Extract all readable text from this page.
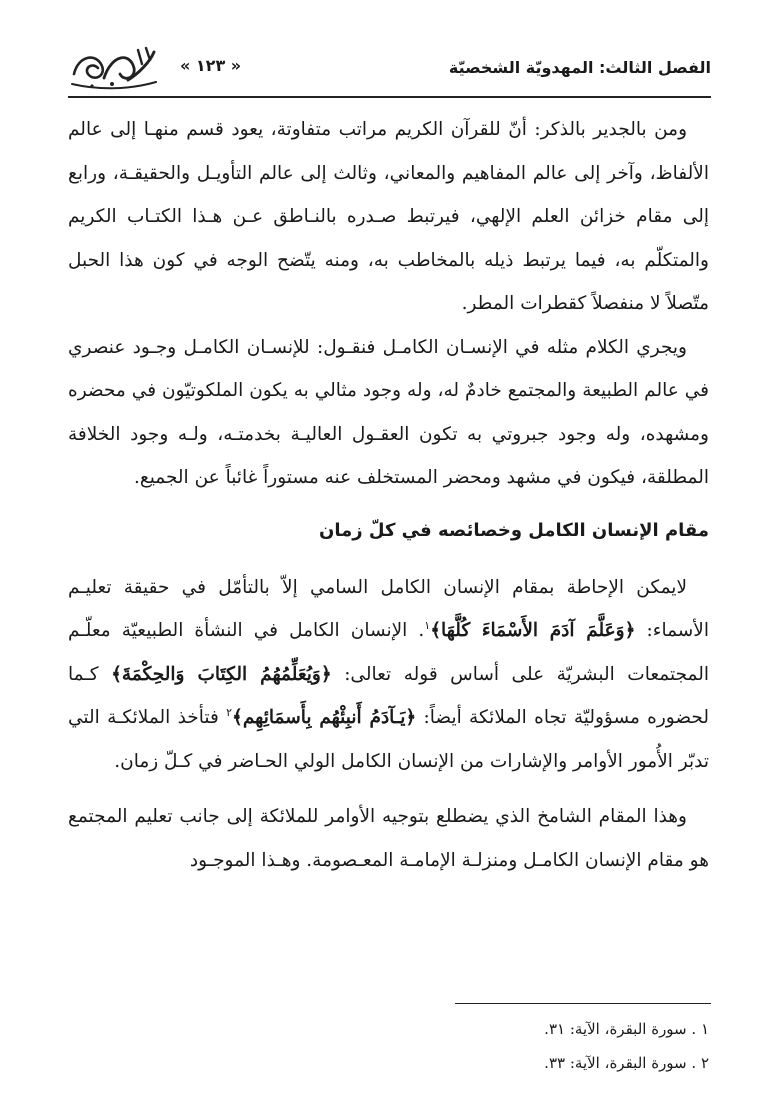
الفصل الثالث: المهدويّة الشخصيّة
« ١٢٣ »

ومن بالجدير بالذكر: أنّ للقرآن الكريم مراتب متفاوتة، يعود قسم منهـا إلى عالم الألفاظ، وآخر إلى عالم المفاهيم والمعاني، وثالث إلى عالم التأويـل والحقيقـة، ورابع إلى مقام خزائن العلم الإلهي، فيرتبط صـدره بالنـاطق عـن هـذا الكتـاب الكريم والمتكلّم به، فيما يرتبط ذيله بالمخاطب به، ومنه يتّضح الوجه في كون هذا الحبل متّصلاً لا منفصلاً كقطرات المطر.

ويجري الكلام مثله في الإنسـان الكامـل فنقـول: للإنسـان الكامـل وجـود عنصري في عالم الطبيعة والمجتمع خادمٌ له، وله وجود مثالي به يكون الملكوتيّون في محضره ومشهده، وله وجود جبروتي به تكون العقـول العاليـة بخدمتـه، ولـه وجود الخلافة المطلقة، فيكون في مشهد ومحضر المستخلف عنه مستوراً غائباً عن الجميع.

مقام الإنسان الكامل وخصائصه في كلّ زمان

لايمكن الإحاطة بمقام الإنسان الكامل السامي إلاّ بالتأمّل في حقيقة تعليـم الأسماء: ﴿وَعَلَّمَ آدَمَ الأَسْمَاءَ كُلَّهَا﴾$^١$. الإنسان الكامل في النشأة الطبيعيّة معلّـم المجتمعات البشريّة على أساس قوله تعالى: ﴿وَيُعَلِّمُهُمُ الكِتَابَ وَالحِكْمَةَ﴾ كـما لحضوره مسؤوليّة تجاه الملائكة أيضاً: ﴿يَـآدَمُ أَنبِئْهُم بِأَسمَائِهِم﴾$^٢$ فتأخذ الملائكـة التي تدبّر الأُمور الأوامر والإشارات من الإنسان الكامل الولي الحـاضر في كـلّ زمان.

وهذا المقام الشامخ الذي يضطلع بتوجيه الأوامر للملائكة إلى جانب تعليم المجتمع هو مقام الإنسان الكامـل ومنزلـة الإمامـة المعـصومة. وهـذا الموجـود

١ . سورة البقرة، الآية: ٣١.

٢ . سورة البقرة، الآية: ٣٣.
